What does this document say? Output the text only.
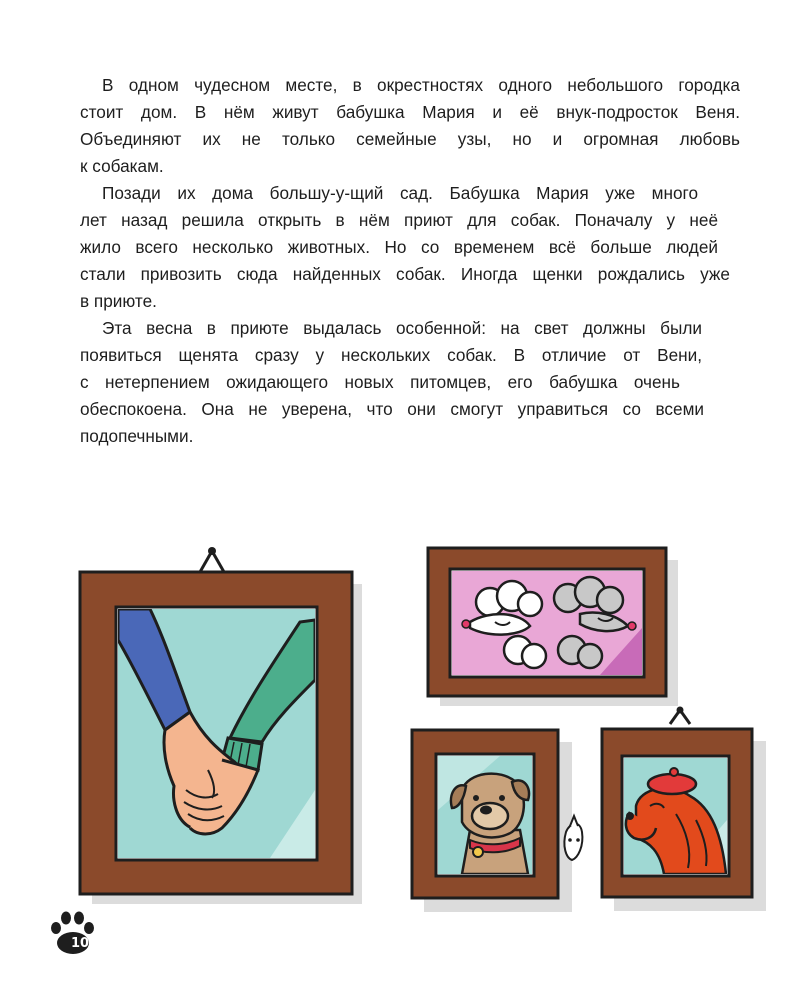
В одном чудесном месте, в окрестностях одного небольшого городка
стоит дом. В нём живут бабушка Мария и её внук-подросток Веня.
Объединяют их не только семейные узы, но и огромная любовь
к собакам.
Позади их дома большу-у-щий сад. Бабушка Мария уже много
лет назад решила открыть в нём приют для собак. Поначалу у неё
жило всего несколько животных. Но со временем всё больше людей
стали привозить сюда найденных собак. Иногда щенки рождались уже
в приюте.
Эта весна в приюте выдалась особенной: на свет должны были
появиться щенята сразу у нескольких собак. В отличие от Вени,
с нетерпением ожидающего новых питомцев, его бабушка очень
обеспокоена. Она не уверена, что они смогут управиться со всеми
подопечными.
10
